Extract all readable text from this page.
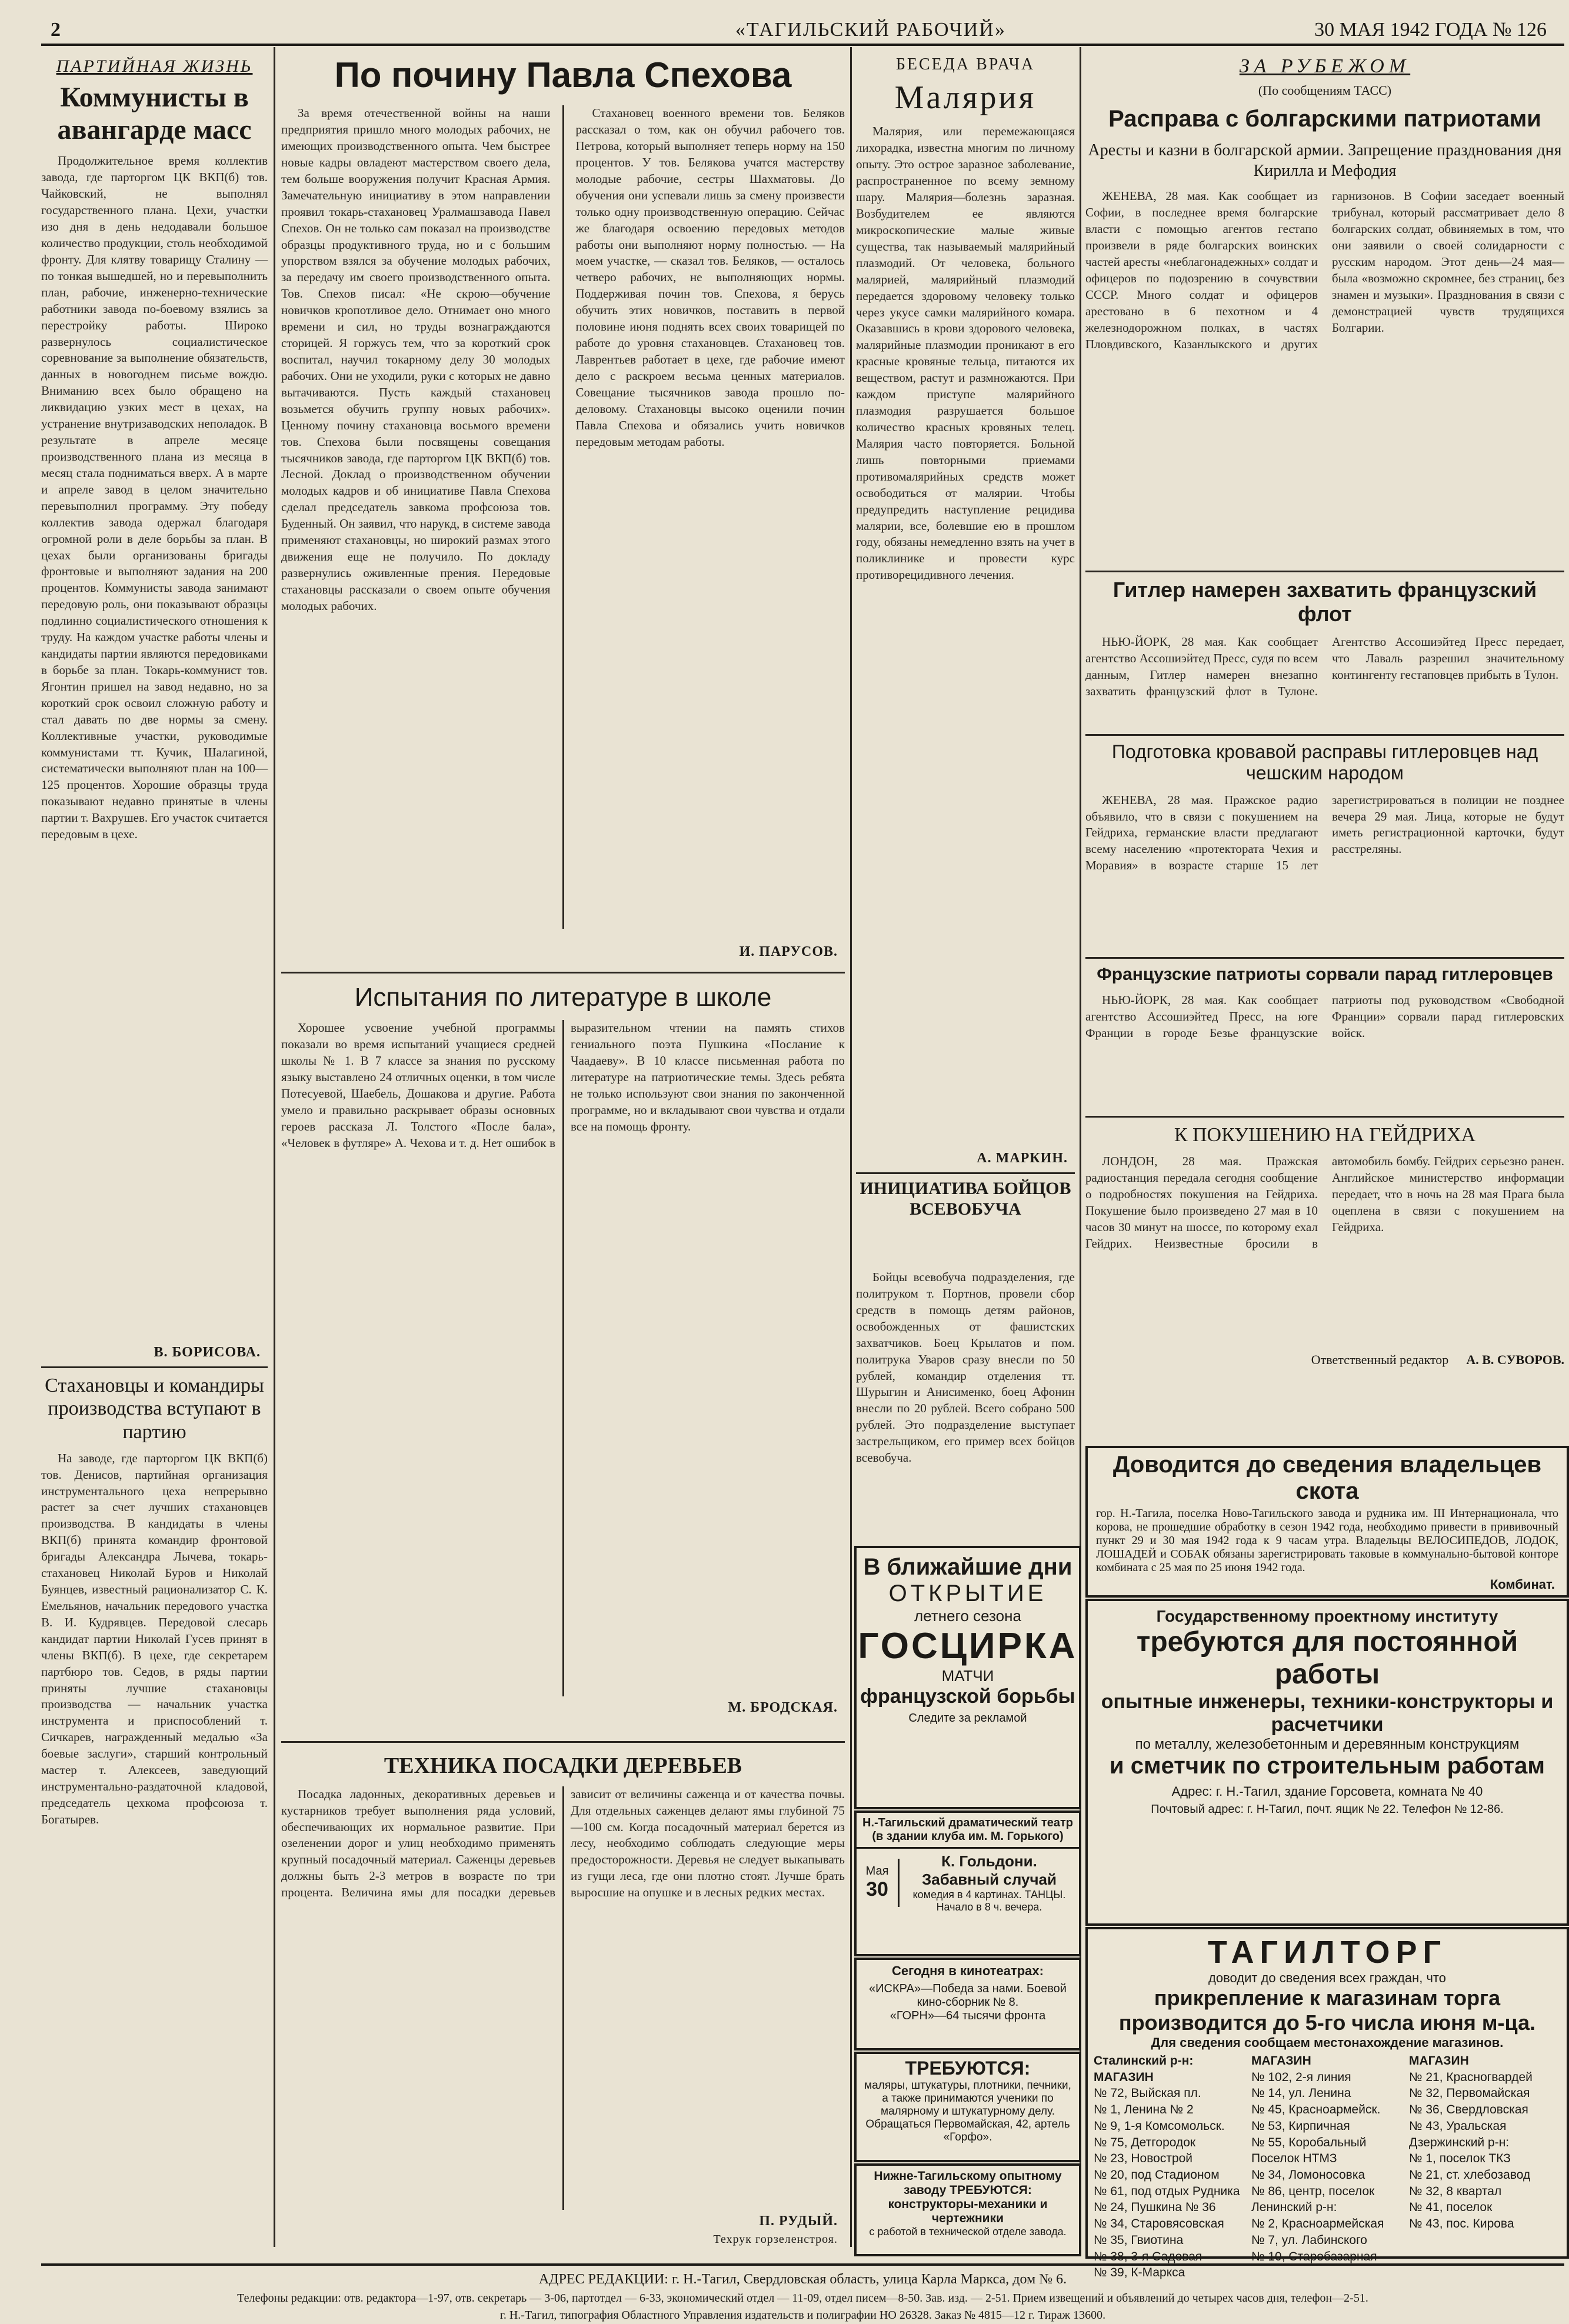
2	«ТАГИЛЬСКИЙ РАБОЧИЙ»	30 МАЯ 1942 ГОДА № 126
ПАРТИЙНАЯ ЖИЗНЬ
Коммунисты в авангарде масс

Продолжительное время коллектив завода, где парторгом ЦК ВКП(б) тов. Чайковский, не выполнял государственного плана. Цехи, участки изо дня в день недодавали большое количество продукции, столь необходимой фронту. Для клятву товарищу Сталину — по тонкая вышедшей, но и перевыполнить план, рабочие, инженерно-технические работники завода по-боевому взялись за перестройку работы. Широко развернулось социалистическое соревнование за выполнение обязательств, данных в новогоднем письме вождю. Вниманию всех было обращено на ликвидацию узких мест в цехах, на устранение внутризаводских неполадок. В результате в апреле месяце производственного плана из месяца в месяц стала подниматься вверх. А в марте и апреле завод в целом значительно перевыполнил программу. Эту победу коллектив завода одержал благодаря огромной роли в деле борьбы за план. В цехах были организованы бригады фронтовые и выполняют задания на 200 процентов. Коммунисты завода занимают передовую роль, они показывают образцы подлинно социалистического отношения к труду. На каждом участке работы члены и кандидаты партии являются передовиками в борьбе за план. Токарь-коммунист тов. Ягонтин пришел на завод недавно, но за короткий срок освоил сложную работу и стал давать по две нормы за смену. Коллективные участки, руководимые коммунистами тт. Кучик, Шалагиной, систематически выполняют план на 100—125 процентов. Хорошие образцы труда показывают недавно принятые в члены партии т. Вахрушев. Его участок считается передовым в цехе.

В. БОРИСОВА.
Стахановцы и командиры производства вступают в партию

На заводе, где парторгом ЦК ВКП(б) тов. Денисов, партийная организация инструментального цеха непрерывно растет за счет лучших стахановцев производства. В кандидаты в члены ВКП(б) принята командир фронтовой бригады Александра Лычева, токарь-стахановец Николай Буров и Николай Буянцев, известный рационализатор С. К. Емельянов, начальник передового участка В. И. Кудрявцев. Передовой слесарь кандидат партии Николай Гусев принят в члены ВКП(б). В цехе, где секретарем партбюро тов. Седов, в ряды партии приняты лучшие стахановцы производства — начальник участка инструмента и приспособлений т. Сичкарев, награжденный медалью «За боевые заслуги», старший контрольный мастер т. Алексеев, заведующий инструментально-раздаточной кладовой, председатель цехкома профсоюза т. Богатырев.

По почину Павла Спехова

За время отечественной войны на наши предприятия пришло много молодых рабочих, не имеющих производственного опыта. Чем быстрее новые кадры овладеют мастерством своего дела, тем больше вооружения получит Красная Армия. Замечательную инициативу в этом направлении проявил токарь-стахановец Уралмашзавода Павел Спехов. Он не только сам показал на производстве образцы продуктивного труда, но и с большим упорством взялся за обучение молодых рабочих, за передачу им своего производственного опыта. Тов. Спехов писал: «Не скрою—обучение новичков кропотливое дело. Отнимает оно много времени и сил, но труды вознаграждаются сторицей. Я горжусь тем, что за короткий срок воспитал, научил токарному делу 30 молодых рабочих. Они не уходили, руки с которых не давно вытачиваются. Пусть каждый стахановец возьмется обучить группу новых рабочих». Ценному почину стахановца восьмого времени тов. Спехова были посвящены совещания тысячников завода, где парторгом ЦК ВКП(б) тов. Лесной. Доклад о производственном обучении молодых кадров и об инициативе Павла Спехова сделал председатель завкома профсоюза тов. Буденный. Он заявил, что нарукд, в системе завода применяют стахановцы, но широкий размах этого движения еще не получило. По докладу развернулись оживленные прения. Передовые стахановцы рассказали о своем опыте обучения молодых рабочих.

Стахановец военного времени тов. Беляков рассказал о том, как он обучил рабочего тов. Петрова, который выполняет теперь норму на 150 процентов. У тов. Белякова учатся мастерству молодые рабочие, сестры Шахматовы. До обучения они успевали лишь за смену произвести только одну производственную операцию. Сейчас же благодаря освоению передовых методов работы они выполняют норму полностью. — На моем участке, — сказал тов. Беляков, — осталось четверо рабочих, не выполняющих нормы. Поддерживая почин тов. Спехова, я берусь обучить этих новичков, поставить в первой половине июня поднять всех своих товарищей по работе до уровня стахановцев. Стахановец тов. Лаврентьев работает в цехе, где рабочие имеют дело с раскроем весьма ценных материалов. Совещание тысячников завода прошло по-деловому. Стахановцы высоко оценили почин Павла Спехова и обязались учить новичков передовым методам работы.

И. ПАРУСОВ.
Испытания по литературе в школе

Хорошее усвоение учебной программы показали во время испытаний учащиеся средней школы № 1. В 7 классе за знания по русскому языку выставлено 24 отличных оценки, в том числе Потесуевой, Шаебель, Дошакова и другие. Работа умело и правильно раскрывает образы основных героев рассказа Л. Толстого «После бала», «Человек в футляре» А. Чехова и т. д. Нет ошибок в выразительном чтении на память стихов гениального поэта Пушкина «Послание к Чаадаеву». В 10 классе письменная работа по литературе на патриотические темы. Здесь ребята не только используют свои знания по законченной программе, но и вкладывают свои чувства и отдали все на помощь фронту.

М. БРОДСКАЯ.
ТЕХНИКА ПОСАДКИ ДЕРЕВЬЕВ

Посадка ладонных, декоративных деревьев и кустарников требует выполнения ряда условий, обеспечивающих их нормальное развитие. При озеленении дорог и улиц необходимо применять крупный посадочный материал. Саженцы деревьев должны быть 2-3 метров в возрасте по три процента. Величина ямы для посадки деревьев зависит от величины саженца и от качества почвы. Для отдельных саженцев делают ямы глубиной 75—100 см. Когда посадочный материал берется из лесу, необходимо соблюдать следующие меры предосторожности. Деревья не следует выкапывать из гущи леса, где они плотно стоят. Лучше брать выросшие на опушке и в лесных редких местах.

П. РУДЫЙ.
Техрук горзеленстроя.
БЕСЕДА ВРАЧА
Малярия

Малярия, или перемежающаяся лихорадка, известна многим по личному опыту. Это острое заразное заболевание, распространенное по всему земному шару. Малярия—болезнь заразная. Возбудителем ее являются микроскопические малые живые существа, так называемый малярийный плазмодий. От человека, больного малярией, малярийный плазмодий передается здоровому человеку только через укусе самки малярийного комара. Оказавшись в крови здорового человека, малярийные плазмодии проникают в его красные кровяные тельца, питаются их веществом, растут и размножаются. При каждом приступе малярийного плазмодия разрушается большое количество красных кровяных телец. Малярия часто повторяется. Больной лишь повторными приемами противомалярийных средств может освободиться от малярии. Чтобы предупредить наступление рецидива малярии, все, болевшие ею в прошлом году, обязаны немедленно взять на учет в поликлинике и провести курс противорецидивного лечения.

А. МАРКИН.
ИНИЦИАТИВА БОЙЦОВ ВСЕВОБУЧА

Бойцы всевобуча подразделения, где политруком т. Портнов, провели сбор средств в помощь детям районов, освобожденных от фашистских захватчиков. Боец Крылатов и пом. политрука Уваров сразу внесли по 50 рублей, командир отделения тт. Шурыгин и Анисименко, боец Афонин внесли по 20 рублей. Всего собрано 500 рублей. Это подразделение выступает застрельщиком, его пример всех бойцов всевобуча.

В ближайшие дни
ОТКРЫТИЕ
летнего сезона
ГОСЦИРКА
МАТЧИ
французской борьбы
Следите за рекламой
Н.-Тагильский драматический театр (в здании клуба им. М. Горького)
Мая
30
К. Гольдони. Забавный случай
комедия в 4 картинах. ТАНЦЫ. Начало в 8 ч. вечера.
Сегодня в кинотеатрах:
«ИСКРА»—Победа за нами. Боевой кино-сборник № 8.
«ГОРН»—64 тысячи фронта
ТРЕБУЮТСЯ:
маляры, штукатуры, плотники, печники, а также принимаются ученики по малярному и штукатурному делу. Обращаться Первомайская, 42, артель «Горфо».
Нижне-Тагильскому опытному заводу ТРЕБУЮТСЯ: конструкторы-механики и чертежники
с работой в технической отделе завода.
ЗА РУБЕЖОМ
(По сообщениям ТАСС)
Расправа с болгарскими патриотами
Аресты и казни в болгарской армии. Запрещение празднования дня Кирилла и Мефодия

ЖЕНЕВА, 28 мая. Как сообщает из Софии, в последнее время болгарские власти с помощью агентов гестапо произвели в ряде болгарских воинских частей аресты «неблагонадежных» солдат и офицеров по подозрению в сочувствии СССР. Много солдат и офицеров арестовано в 6 пехотном и 4 железнодорожном полках, в частях Пловдивского, Казанлыкского и других гарнизонов. В Софии заседает военный трибунал, который рассматривает дело 8 болгарских солдат, обвиняемых в том, что они заявили о своей солидарности с русским народом. Этот день—24 мая—была «возможно скромнее, без страниц, без знамен и музыки». Празднования в связи с демонстрацией чувств трудящихся Болгарии.

Гитлер намерен захватить французский флот

НЬЮ-ЙОРК, 28 мая. Как сообщает агентство Ассошиэйтед Пресс, судя по всем данным, Гитлер намерен внезапно захватить французский флот в Тулоне. Агентство Ассошиэйтед Пресс передает, что Лаваль разрешил значительному контингенту гестаповцев прибыть в Тулон.

Подготовка кровавой расправы гитлеровцев над чешским народом

ЖЕНЕВА, 28 мая. Пражское радио объявило, что в связи с покушением на Гейдриха, германские власти предлагают всему населению «протектората Чехия и Моравия» в возрасте старше 15 лет зарегистрироваться в полиции не позднее вечера 29 мая. Лица, которые не будут иметь регистрационной карточки, будут расстреляны.

Французские патриоты сорвали парад гитлеровцев

НЬЮ-ЙОРК, 28 мая. Как сообщает агентство Ассошиэйтед Пресс, на юге Франции в городе Безье французские патриоты под руководством «Свободной Франции» сорвали парад гитлеровских войск.

К ПОКУШЕНИЮ НА ГЕЙДРИХА

ЛОНДОН, 28 мая. Пражская радиостанция передала сегодня сообщение о подробностях покушения на Гейдриха. Покушение было произведено 27 мая в 10 часов 30 минут на шоссе, по которому ехал Гейдрих. Неизвестные бросили в автомобиль бомбу. Гейдрих серьезно ранен. Английское министерство информации передает, что в ночь на 28 мая Прага была оцеплена в связи с покушением на Гейдриха.

Ответственный редактор А. В. СУВОРОВ.
Доводится до сведения владельцев скота
гор. Н.-Тагила, поселка Ново-Тагильского завода и рудника им. III Интернационала, что корова, не прошедшие обработку в сезон 1942 года, необходимо привести в прививочный пункт 29 и 30 мая 1942 года к 9 часам утра. Владельцы ВЕЛОСИПЕДОВ, ЛОДОК, ЛОШАДЕЙ и СОБАК обязаны зарегистрировать таковые в коммунально-бытовой конторе комбината с 25 мая по 25 июня 1942 года.
Комбинат.
Государственному проектному институту
требуются для постоянной работы
опытные инженеры, техники-конструкторы и расчетчики
по металлу, железобетонным и деревянным конструкциям
и сметчик по строительным работам
Адрес: г. Н.-Тагил, здание Горсовета, комната № 40
Почтовый адрес: г. Н-Тагил, почт. ящик № 22. Телефон № 12-86.
ТАГИЛТОРГ
доводит до сведения всех граждан, что
прикрепление к магазинам торга производится до 5-го числа июня м-ца.
Для сведения сообщаем местонахождение магазинов.
Сталинский р-н: МАГАЗИН
№ 72, Выйская пл.
№ 1, Ленина № 2
№ 9, 1-я Комсомольск.
№ 75, Детгородок
№ 23, Новострой
№ 20, под Стадионом
№ 61, под отдых Рудника
№ 24, Пушкина № 36
№ 34, Старовясовская
№ 35, Гвиотина
№ 38, 3-я Садовая
№ 39, К-Маркса
МАГАЗИН
№ 102, 2-я линия
№ 14, ул. Ленина
№ 45, Красноармейск.
№ 53, Кирпичная
№ 55, Коробальный
Поселок НТМЗ
№ 34, Ломоносовка
№ 86, центр, поселок
Ленинский р-н:
№ 2, Красноармейская
№ 7, ул. Лабинского
№ 10, Старобазарная
МАГАЗИН
№ 21, Красногвардей
№ 32, Первомайская
№ 36, Свердловская
№ 43, Уральская
Дзержинский р-н:
№ 1, поселок ТКЗ
№ 21, ст. хлебозавод
№ 32, 8 квартал
№ 41, поселок
№ 43, пос. Кирова
АДРЕС РЕДАКЦИИ: г. Н.-Тагил, Свердловская область, улица Карла Маркса, дом № 6.
Телефоны редакции: отв. редактора—1-97, отв. секретарь — 3-06, партотдел — 6-33, экономический отдел — 11-09, отдел писем—8-50. Зав. изд. — 2-51. Прием извещений и объявлений до четырех часов дня, телефон—2-51.
г. Н.-Тагил, типография Областного Управления издательств и полиграфии НО 26328. Заказ № 4815—12 г. Тираж 13600.
